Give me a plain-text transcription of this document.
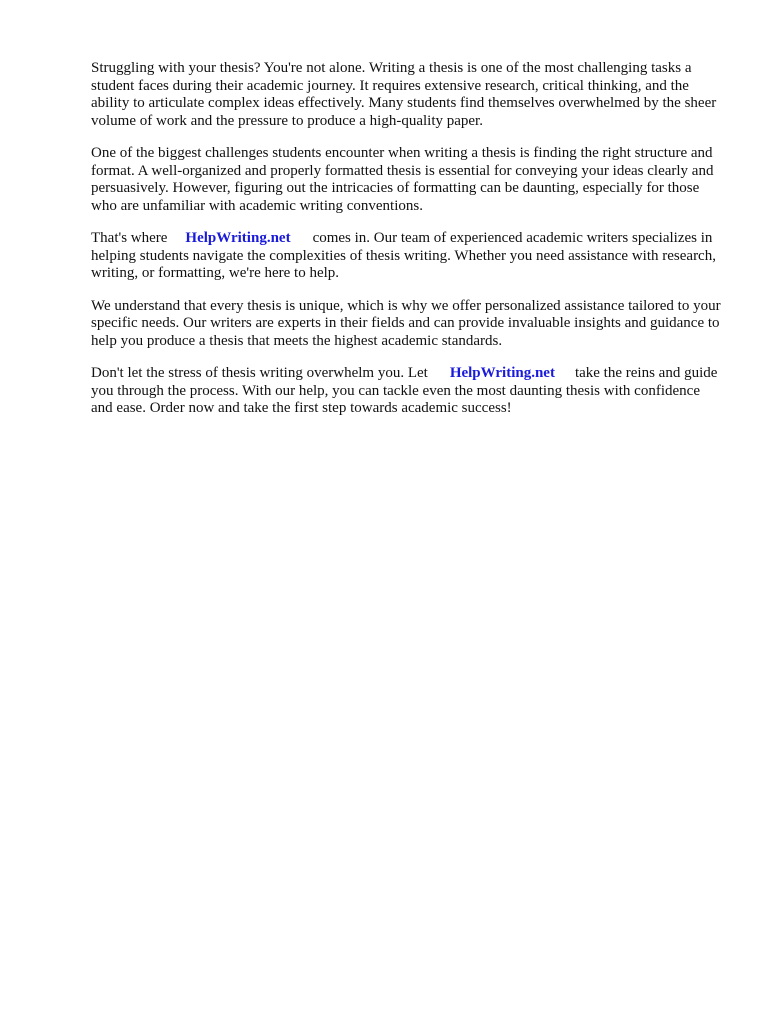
Struggling with your thesis? You're not alone. Writing a thesis is one of the most challenging tasks a student faces during their academic journey. It requires extensive research, critical thinking, and the ability to articulate complex ideas effectively. Many students find themselves overwhelmed by the sheer volume of work and the pressure to produce a high-quality paper.

One of the biggest challenges students encounter when writing a thesis is finding the right structure and format. A well-organized and properly formatted thesis is essential for conveying your ideas clearly and persuasively. However, figuring out the intricacies of formatting can be daunting, especially for those who are unfamiliar with academic writing conventions.

That's where HelpWriting.net comes in. Our team of experienced academic writers specializes in helping students navigate the complexities of thesis writing. Whether you need assistance with research, writing, or formatting, we're here to help.

We understand that every thesis is unique, which is why we offer personalized assistance tailored to your specific needs. Our writers are experts in their fields and can provide invaluable insights and guidance to help you produce a thesis that meets the highest academic standards.

Don't let the stress of thesis writing overwhelm you. Let HelpWriting.net take the reins and guide you through the process. With our help, you can tackle even the most daunting thesis with confidence and ease. Order now and take the first step towards academic success!
